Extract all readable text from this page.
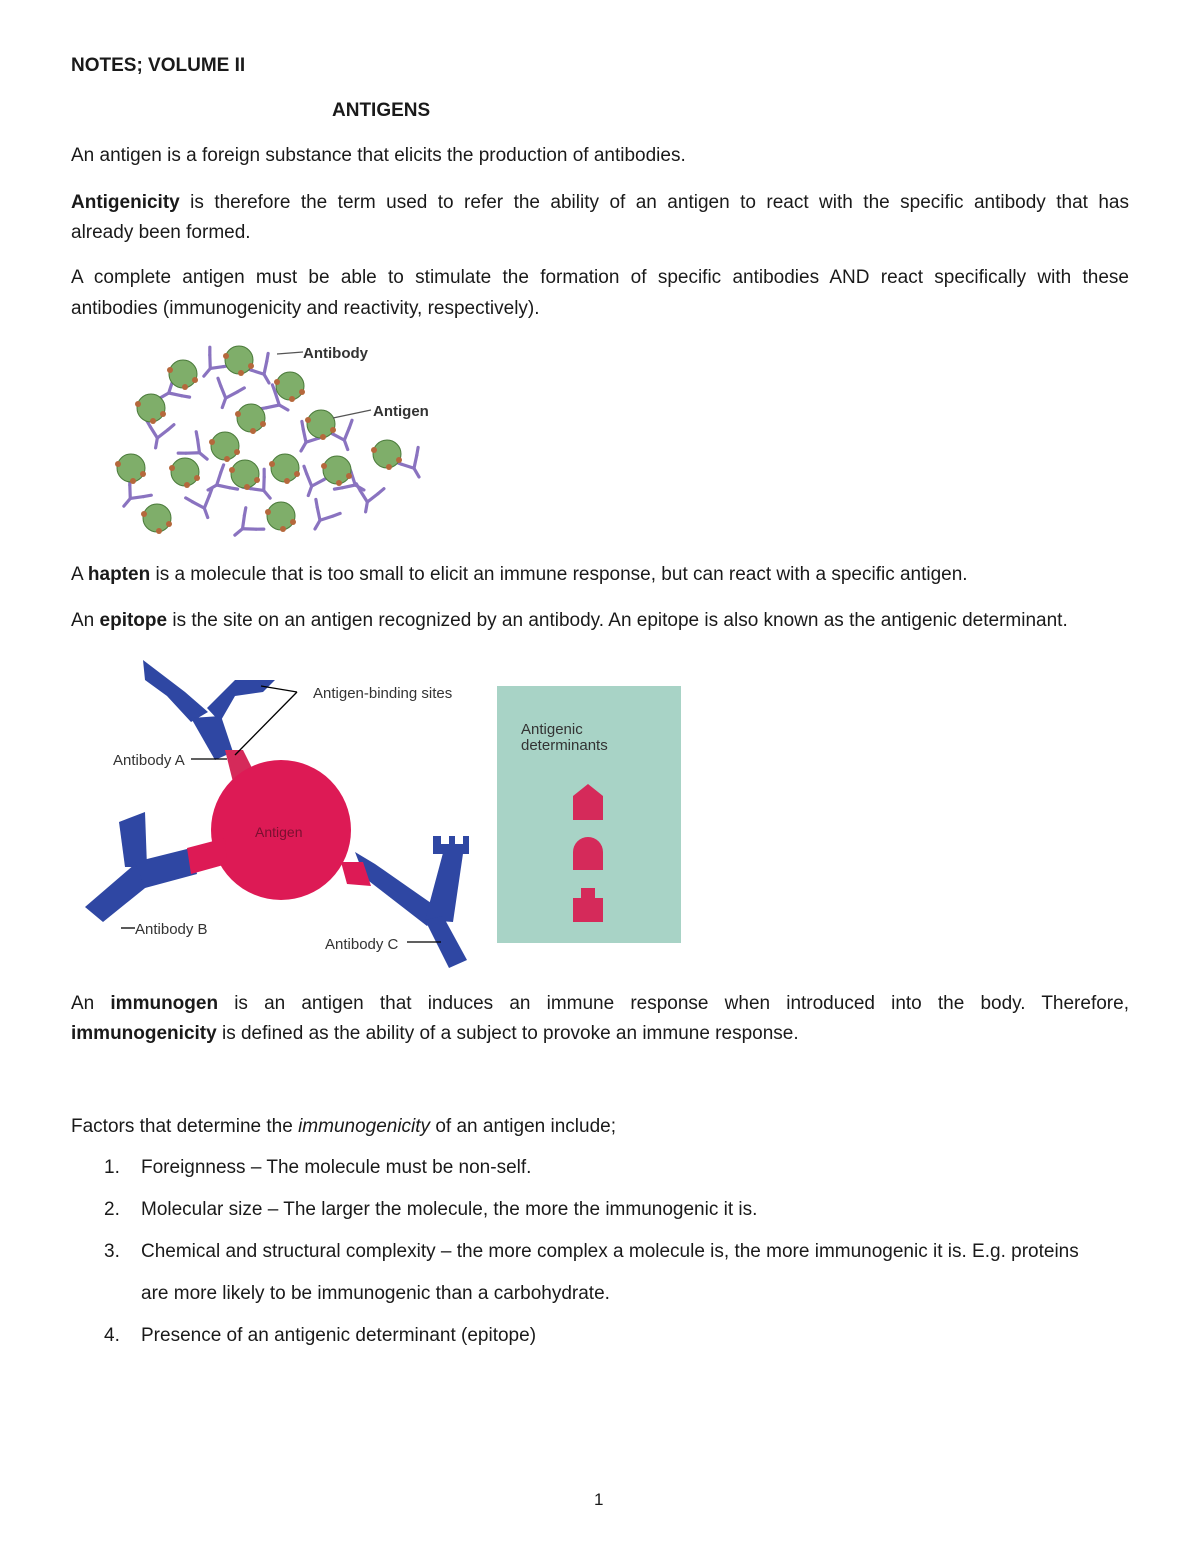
NOTES; VOLUME II
ANTIGENS
An antigen is a foreign substance that elicits the production of antibodies.
Antigenicity is therefore the term used to refer the ability of an antigen to react with the specific antibody that has
already been formed.
A complete antigen must be able to stimulate the formation of specific antibodies AND react specifically with these
antibodies (immunogenicity and reactivity, respectively).
Antibody
Antigen
A hapten is a molecule that is too small to elicit an immune response, but can react with a specific antigen.
An epitope is the site on an antigen recognized by an antibody. An epitope is also known as the antigenic determinant.
Antigen
Antigen-binding sites
Antibody A
Antibody B
Antibody C
Antigenic
determinants
An immunogen is an antigen that induces an immune response when introduced into the body. Therefore,
immunogenicity is defined as the ability of a subject to provoke an immune response.
Factors that determine the immunogenicity of an antigen include;
1. Foreignness – The molecule must be non-self.
2. Molecular size – The larger the molecule, the more the immunogenic it is.
3. Chemical and structural complexity – the more complex a molecule is, the more immunogenic it is. E.g. proteins
are more likely to be immunogenic than a carbohydrate.
4. Presence of an antigenic determinant (epitope)
1
